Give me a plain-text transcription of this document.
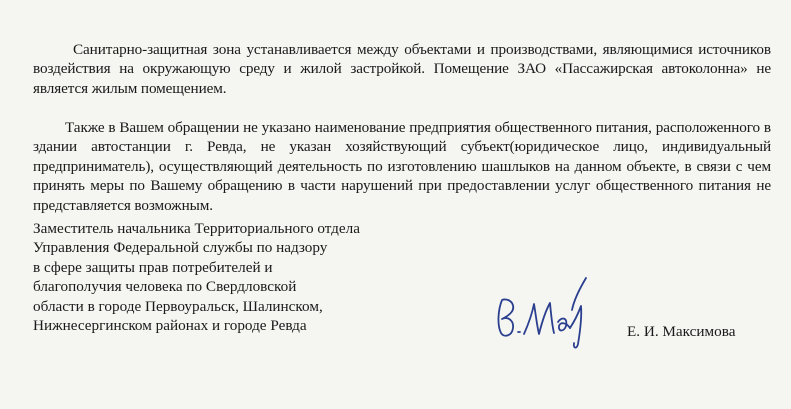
Санитарно-защитная зона устанавливается между объектами и производствами, являющимися источников воздействия на окружающую среду и жилой застройкой. Помещение ЗАО «Пассажирская автоколонна» не является жилым помещением.
Также в Вашем обращении не указано наименование предприятия общественного питания, расположенного в здании автостанции г. Ревда, не указан хозяйствующий субъект(юридическое лицо, индивидуальный предприниматель), осуществляющий деятельность по изготовлению шашлыков на данном объекте, в связи с чем принять меры по Вашему обращению в части нарушений при предоставлении услуг общественного питания не представляется возможным.
Заместитель начальника Территориального отдела
Управления Федеральной службы по надзору
в сфере защиты прав потребителей и
благополучия человека по Свердловской
области в городе Первоуральск, Шалинском,
Нижнесергинском районах и городе Ревда	Е. И. Максимова
